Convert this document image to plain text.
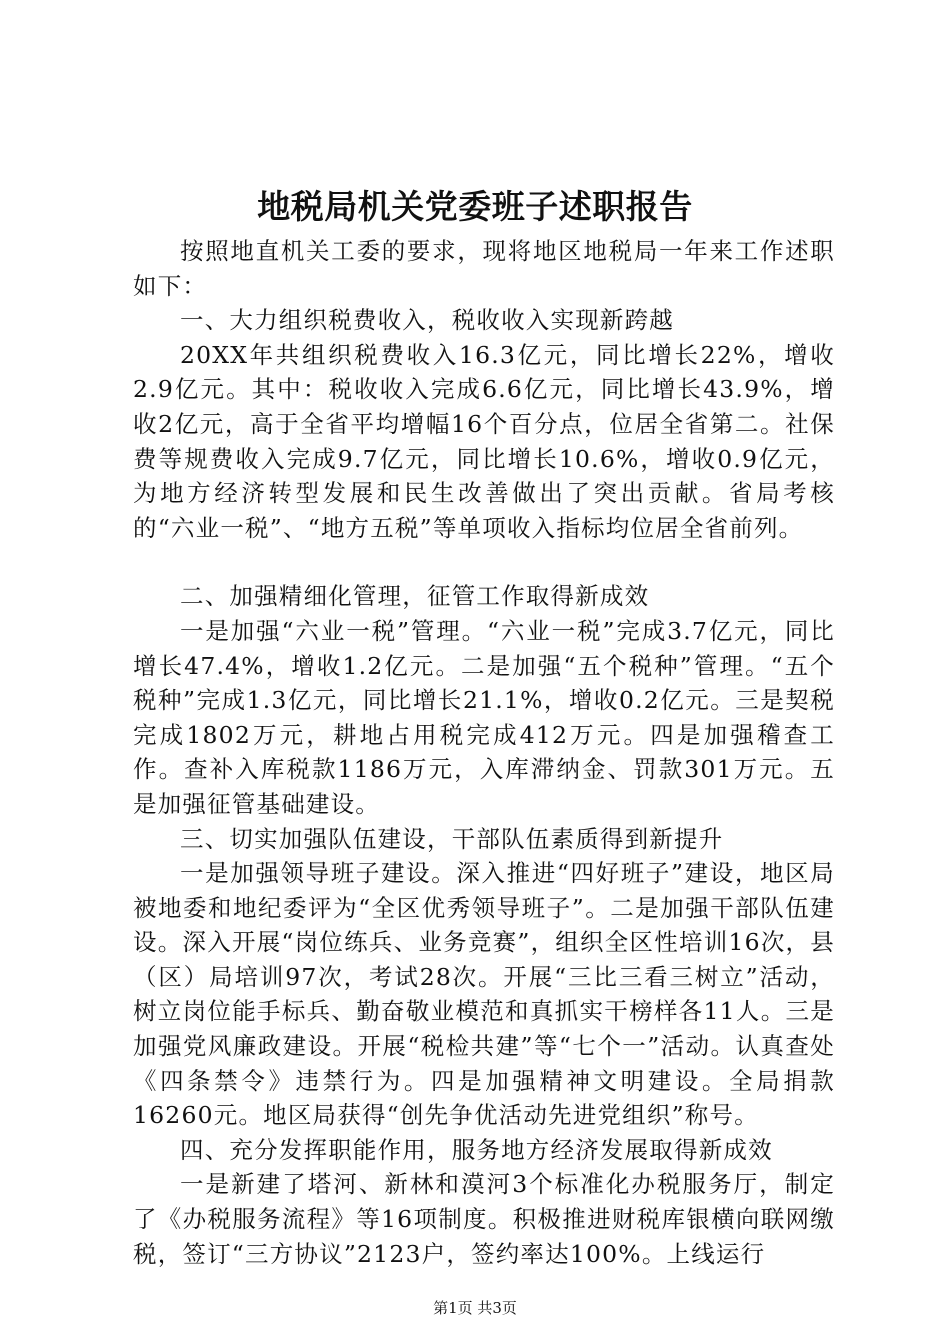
地税局机关党委班子述职报告

按照地直机关工委的要求，现将地区地税局一年来工作述职如下：

一、大力组织税费收入，税收收入实现新跨越

20XX年共组织税费收入16.3亿元，同比增长22%，增收2.9亿元。其中：税收收入完成6.6亿元，同比增长43.9%，增收2亿元，高于全省平均增幅16个百分点，位居全省第二。社保费等规费收入完成9.7亿元，同比增长10.6%，增收0.9亿元，为地方经济转型发展和民生改善做出了突出贡献。省局考核的“六业一税”、“地方五税”等单项收入指标均位居全省前列。

二、加强精细化管理，征管工作取得新成效

一是加强“六业一税”管理。“六业一税”完成3.7亿元，同比增长47.4%，增收1.2亿元。二是加强“五个税种”管理。“五个税种”完成1.3亿元，同比增长21.1%，增收0.2亿元。三是契税完成1802万元，耕地占用税完成412万元。四是加强稽查工作。查补入库税款1186万元，入库滞纳金、罚款301万元。五是加强征管基础建设。

三、切实加强队伍建设，干部队伍素质得到新提升

一是加强领导班子建设。深入推进“四好班子”建设，地区局被地委和地纪委评为“全区优秀领导班子”。二是加强干部队伍建设。深入开展“岗位练兵、业务竞赛”，组织全区性培训16次，县（区）局培训97次，考试28次。开展“三比三看三树立”活动，树立岗位能手标兵、勤奋敬业模范和真抓实干榜样各11人。三是加强党风廉政建设。开展“税检共建”等“七个一”活动。认真查处《四条禁令》违禁行为。四是加强精神文明建设。全局捐款16260元。地区局获得“创先争优活动先进党组织”称号。

四、充分发挥职能作用，服务地方经济发展取得新成效

一是新建了塔河、新林和漠河3个标准化办税服务厅，制定了《办税服务流程》等16项制度。积极推进财税库银横向联网缴税，签订“三方协议”2123户，签约率达100%。上线运行

第1页 共3页
